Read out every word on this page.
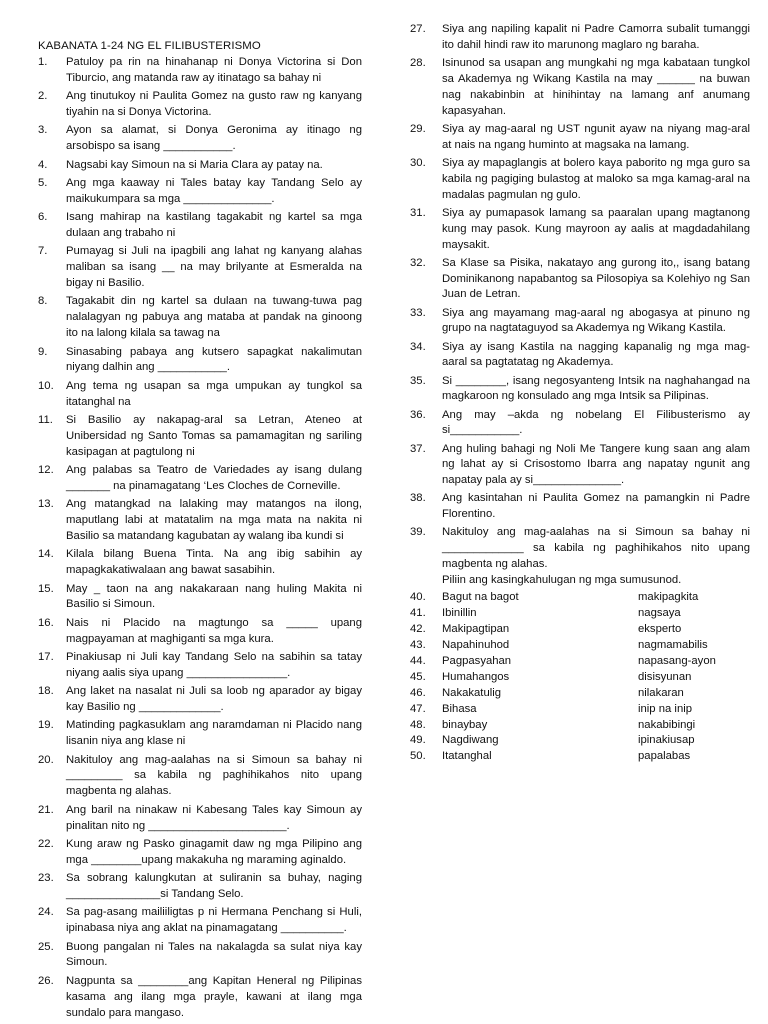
KABANATA 1-24 NG EL FILIBUSTERISMO
1.	Patuloy pa rin na hinahanap ni Donya Victorina si Don Tiburcio, ang matanda raw ay itinatago sa bahay ni
2.	Ang tinutukoy ni Paulita Gomez na gusto raw ng kanyang tiyahin na si Donya Victorina.
3.	Ayon sa alamat, si Donya Geronima ay itinago ng arsobispo sa isang ___________.
4.	Nagsabi kay Simoun na si Maria Clara ay patay na.
5.	Ang mga kaaway ni Tales batay kay Tandang Selo ay maikukumpara sa mga ______________.
6.	Isang mahirap na kastilang tagakabit ng kartel sa mga dulaan ang trabaho ni
7.	Pumayag si Juli na ipagbili ang lahat ng kanyang alahas maliban sa isang __ na may brilyante at Esmeralda na bigay ni Basilio.
8.	Tagakabit din ng kartel sa dulaan na tuwang-tuwa pag nalalagyan ng pabuya ang mataba at pandak na ginoong ito na lalong kilala sa tawag na
9.	Sinasabing pabaya ang kutsero sapagkat nakalimutan niyang dalhin ang ___________.
10.	Ang tema ng usapan sa mga umpukan ay tungkol sa itatanghal na
11.	Si Basilio ay nakapag-aral sa Letran, Ateneo at Unibersidad ng Santo Tomas sa pamamagitan ng sariling kasipagan at pagtulong ni
12.	Ang palabas sa Teatro de Variedades ay isang dulang _______ na pinamagatang ‘Les Cloches de Corneville.
13.	Ang matangkad na lalaking may matangos na ilong, maputlang labi at matatalim na mga mata na nakita ni Basilio sa matandang kagubatan ay walang iba kundi si
14.	Kilala bilang Buena Tinta. Na ang ibig sabihin ay mapagkakatiwalaan ang bawat sasabihin.
15.	May _ taon na ang nakakaraan nang huling Makita ni Basilio si Simoun.
16.	Nais ni Placido na magtungo sa _____ upang magpayaman at maghiganti sa mga kura.
17.	Pinakiusap ni Juli kay Tandang Selo na sabihin sa tatay niyang aalis siya upang ________________.
18.	Ang laket na nasalat ni Juli sa loob ng aparador ay bigay kay Basilio ng _____________.
19.	Matinding pagkasuklam ang naramdaman ni Placido nang lisanin niya ang klase ni
20.	Nakituloy ang mag-aalahas na si Simoun sa bahay ni _________ sa kabila ng paghihikahos nito upang magbenta ng alahas.
21.	Ang baril na ninakaw ni Kabesang Tales kay Simoun ay pinalitan nito ng ______________________.
22.	Kung araw ng Pasko ginagamit daw ng mga Pilipino ang mga ________upang makakuha ng maraming aginaldo.
23.	Sa sobrang kalungkutan at suliranin sa buhay, naging _______________si Tandang Selo.
24.	Sa pag-asang mailiiligtas p ni Hermana Penchang si Huli, ipinabasa niya ang aklat na pinamagatang __________.
25.	Buong pangalan ni Tales na nakalagda sa sulat niya kay Simoun.
26.	Nagpunta sa ________ang Kapitan Heneral ng Pilipinas kasama ang ilang mga prayle, kawani at ilang mga sundalo para mangaso.
27.	Siya ang napiling kapalit ni Padre Camorra subalit tumanggi ito dahil hindi raw ito marunong maglaro ng baraha.
28.	Isinunod sa usapan ang mungkahi ng mga kabataan tungkol sa Akademya ng Wikang Kastila na may ______ na buwan nag nakabinbin at hinihintay na lamang anf anumang kapasyahan.
29.	Siya ay mag-aaral ng UST ngunit ayaw na niyang mag-aral at nais na ngang huminto at magsaka na lamang.
30.	Siya ay mapaglangis at bolero kaya paborito ng mga guro sa kabila ng pagiging bulastog at maloko sa mga kamag-aral na madalas pagmulan ng gulo.
31.	Siya ay pumapasok lamang sa paaralan upang magtanong kung may pasok. Kung mayroon ay aalis at magdadahilang maysakit.
32.	Sa Klase sa Pisika, nakatayo ang gurong ito,, isang batang Dominikanong napabantog sa Pilosopiya sa Kolehiyo ng San Juan de Letran.
33.	Siya ang mayamang mag-aaral ng abogasya at pinuno ng grupo na nagtataguyod sa Akademya ng Wikang Kastila.
34.	Siya ay isang Kastila na nagging kapanalig ng mga mag-aaral sa pagtatatag ng Akademya.
35.	Si ________, isang negosyanteng Intsik na naghahangad na magkaroon ng konsulado ang mga Intsik sa Pilipinas.
36.	Ang may –akda ng nobelang El Filibusterismo ay si___________.
37.	Ang huling bahagi ng Noli Me Tangere kung saan ang alam ng lahat ay si Crisostomo Ibarra ang napatay ngunit ang napatay pala ay si______________.
38.	Ang kasintahan ni Paulita Gomez na pamangkin ni Padre Florentino.
39.	Nakituloy ang mag-aalahas na si Simoun sa bahay ni _____________ sa kabila ng paghihikahos nito upang magbenta ng alahas.
Piliin ang kasingkahulugan ng mga sumusunod.
40.	Bagut na bagot	makipagkita
41.	Ibinillin	nagsaya
42.	Makipagtipan	eksperto
43.	Napahinuhod	nagmamabilis
44.	Pagpasyahan	napasang-ayon
45.	Humahangos	disisyunan
46.	Nakakatulig	nilakaran
47.	Bihasa	inip na inip
48.	binaybay	nakabibingi
49.	Nagdiwang	ipinakiusap
50.	Itatanghal	papalabas
